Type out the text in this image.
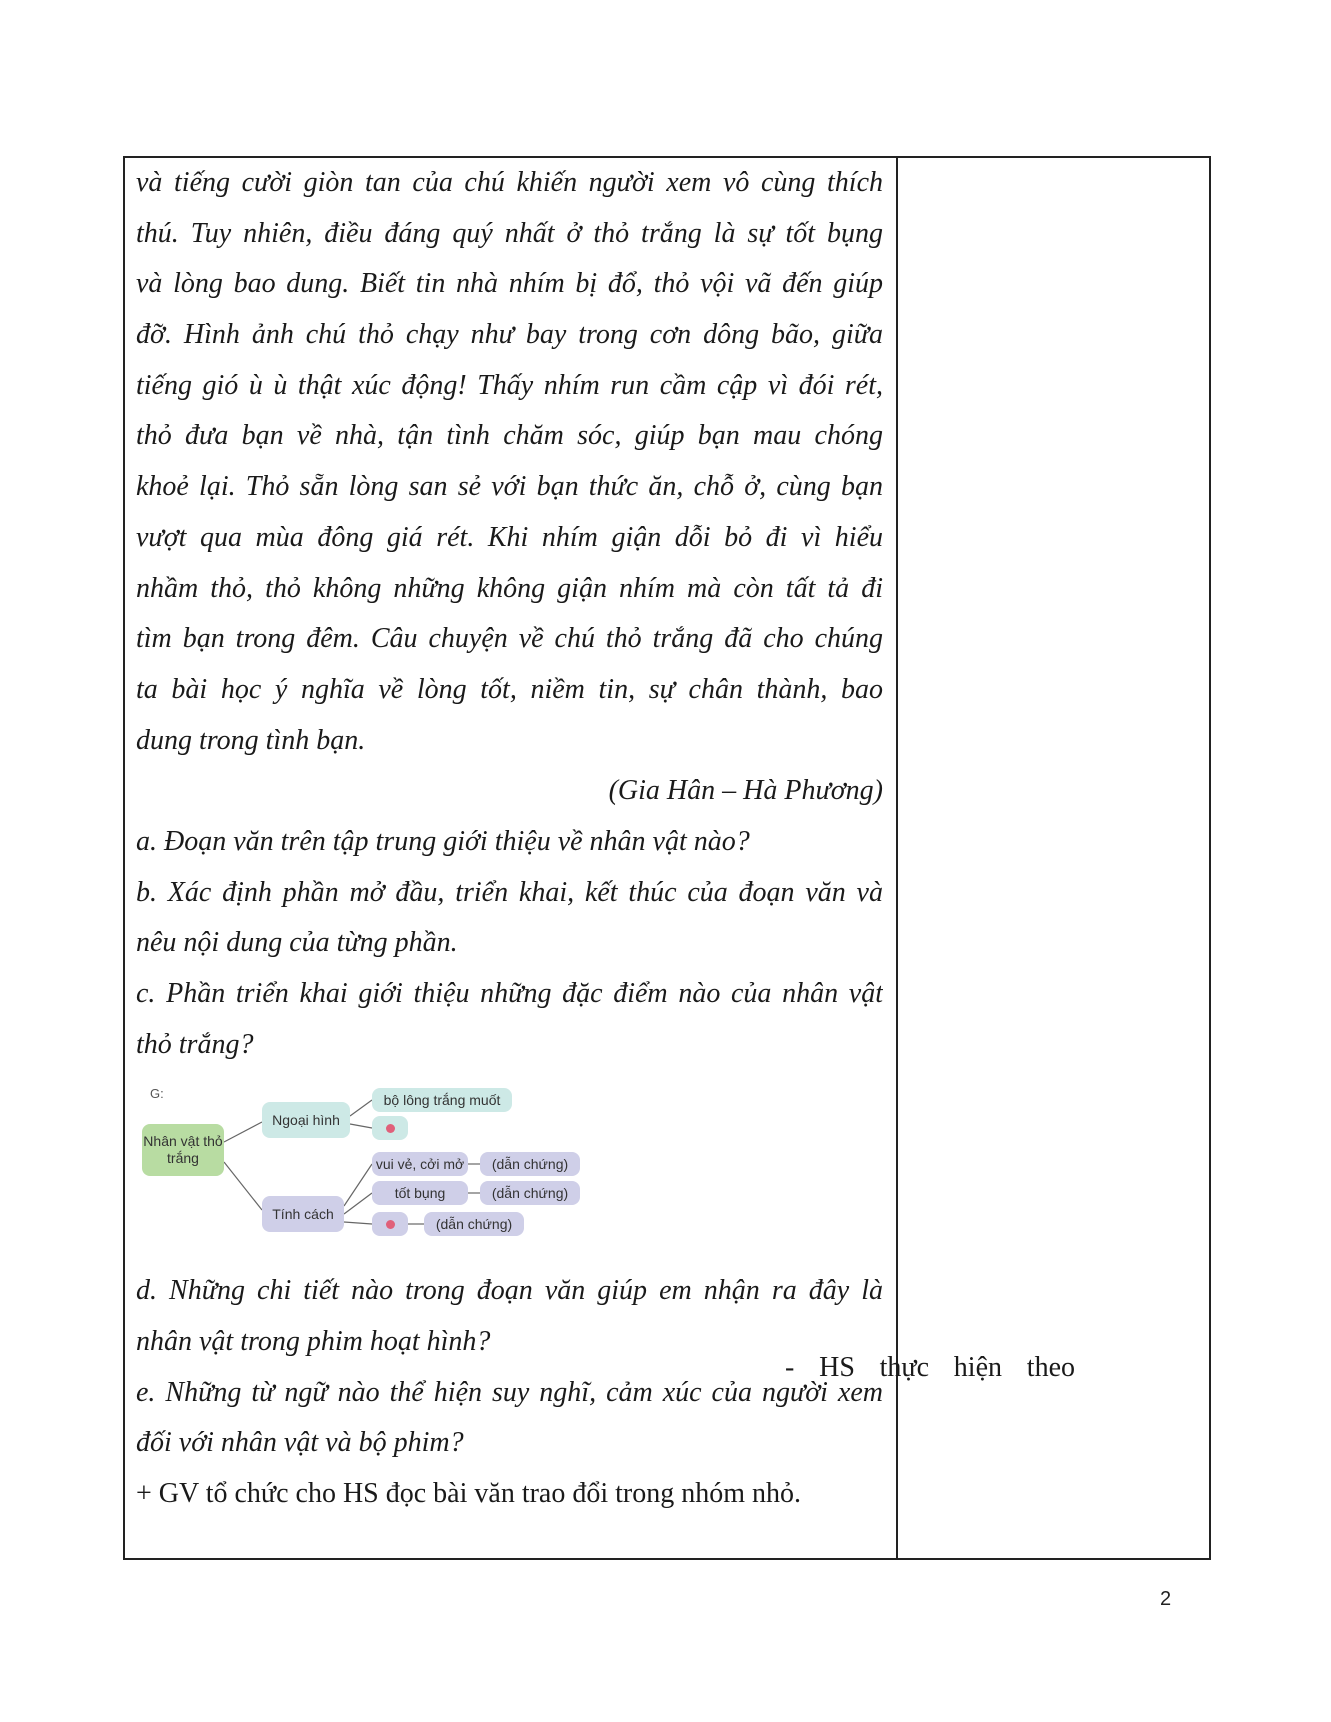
và tiếng cười giòn tan của chú khiến người xem vô cùng thích
thú. Tuy nhiên, điều đáng quý nhất ở thỏ trắng là sự tốt bụng
và lòng bao dung. Biết tin nhà nhím bị đổ, thỏ vội vã đến giúp
đỡ. Hình ảnh chú thỏ chạy như bay trong cơn dông bão, giữa
tiếng gió ù ù thật xúc động! Thấy nhím run cầm cập vì đói rét,
thỏ đưa bạn về nhà, tận tình chăm sóc, giúp bạn mau chóng
khoẻ lại. Thỏ sẵn lòng san sẻ với bạn thức ăn, chỗ ở, cùng bạn
vượt qua mùa đông giá rét. Khi nhím giận dỗi bỏ đi vì hiểu
nhầm thỏ, thỏ không những không giận nhím mà còn tất tả đi
tìm bạn trong đêm. Câu chuyện về chú thỏ trắng đã cho chúng
ta bài học ý nghĩa về lòng tốt, niềm tin, sự chân thành, bao
dung trong tình bạn.
(Gia Hân – Hà Phương)
a. Đoạn văn trên tập trung giới thiệu về nhân vật nào?
b. Xác định phần mở đầu, triển khai, kết thúc của đoạn văn và
nêu nội dung của từng phần.
c. Phần triển khai giới thiệu những đặc điểm nào của nhân vật
thỏ trắng?
G:
Nhân vật thỏ trắng
Ngoại hình
Tính cách
bộ lông trắng muốt
vui vẻ, cởi mở
tốt bụng
(dẫn chứng)
(dẫn chứng)
(dẫn chứng)
d. Những chi tiết nào trong đoạn văn giúp em nhận ra đây là
nhân vật trong phim hoạt hình?
e. Những từ ngữ nào thể hiện suy nghĩ, cảm xúc của người xem
đối với nhân vật và bộ phim?
+ GV tổ chức cho HS đọc bài văn trao đổi trong nhóm nhỏ.
- HS thực hiện theo
2
